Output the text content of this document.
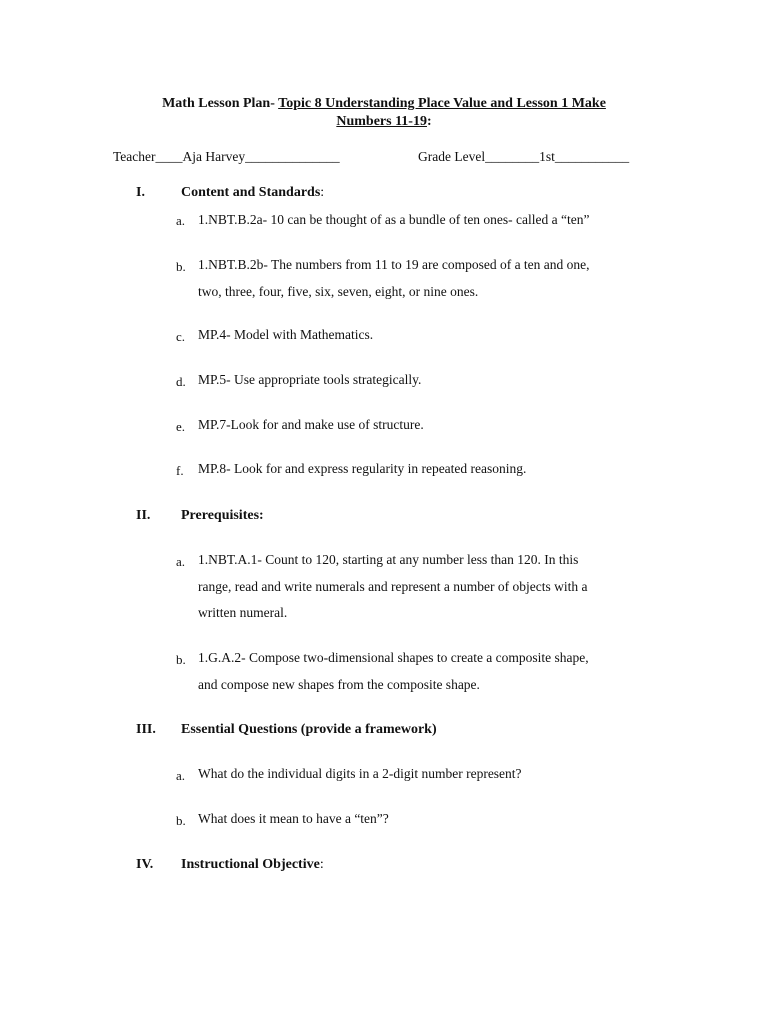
Math Lesson Plan- Topic 8 Understanding Place Value and Lesson 1 Make
Numbers 11-19:
Teacher____Aja Harvey______________	Grade Level________1st___________
I.	Content and Standards:
a. 1.NBT.B.2a- 10 can be thought of as a bundle of ten ones- called a “ten”
b. 1.NBT.B.2b- The numbers from 11 to 19 are composed of a ten and one,
two, three, four, five, six, seven, eight, or nine ones.
c. MP.4- Model with Mathematics.
d. MP.5- Use appropriate tools strategically.
e. MP.7-Look for and make use of structure.
f. MP.8- Look for and express regularity in repeated reasoning.
II. Prerequisites:
a. 1.NBT.A.1- Count to 120, starting at any number less than 120. In this
range, read and write numerals and represent a number of objects with a
written numeral.
b. 1.G.A.2- Compose two-dimensional shapes to create a composite shape,
and compose new shapes from the composite shape.
III. Essential Questions (provide a framework)
a. What do the individual digits in a 2-digit number represent?
b. What does it mean to have a “ten”?
IV. Instructional Objective:
